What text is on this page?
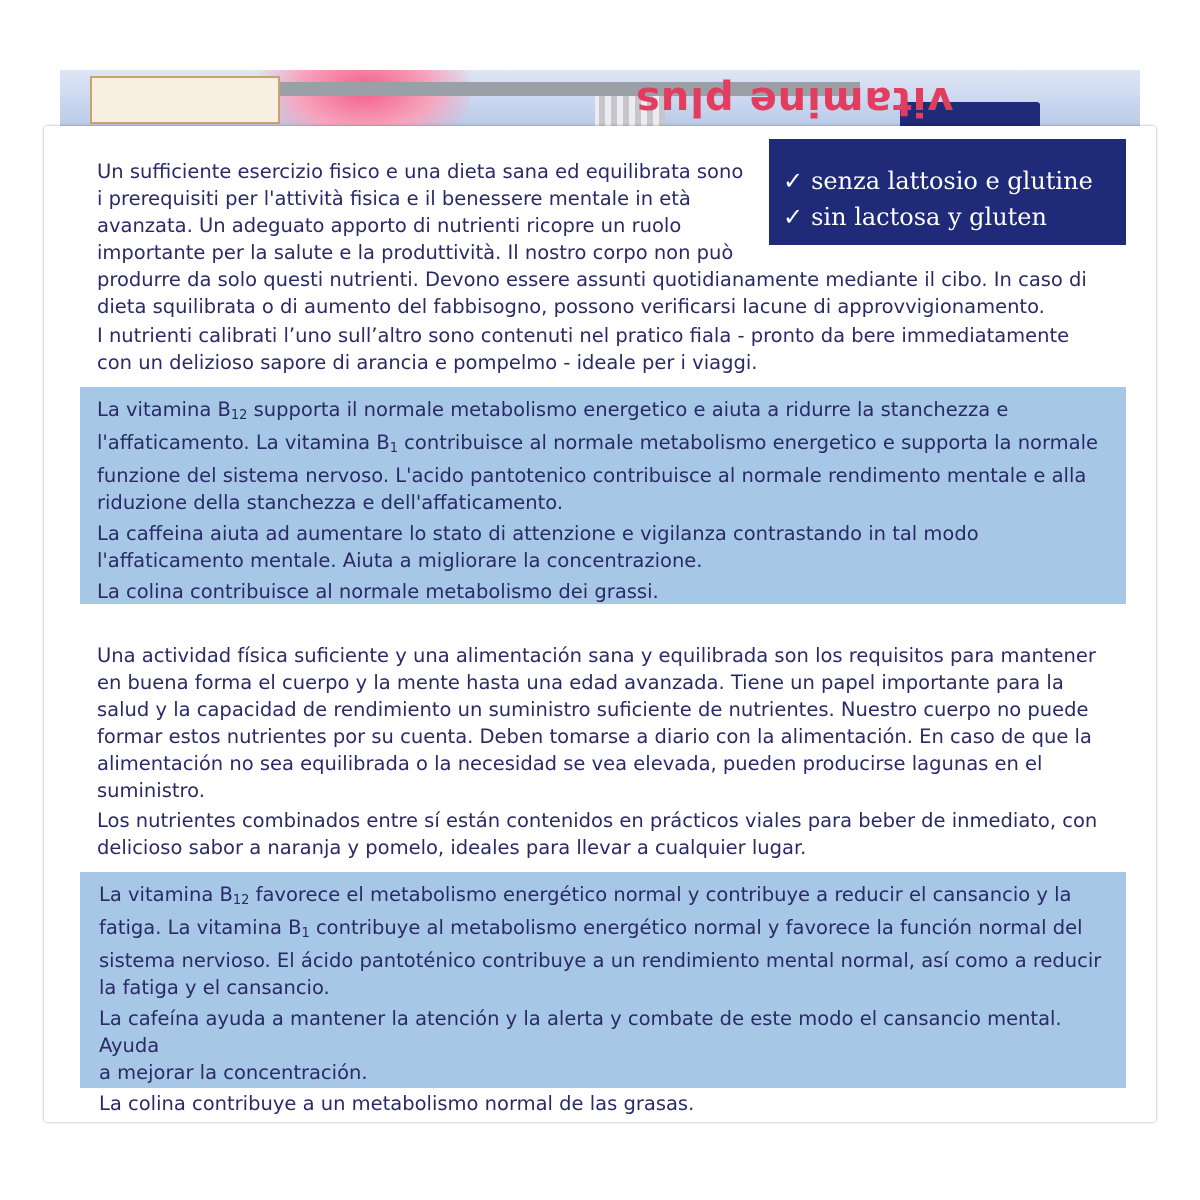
vitamine plus
✓ senza lattosio e glutine
✓ sin lactosa y gluten
Un sufficiente esercizio fisico e una dieta sana ed equilibrata sono
i prerequisiti per l'attività fisica e il benessere mentale in età
avanzata. Un adeguato apporto di nutrienti ricopre un ruolo
importante per la salute e la produttività. Il nostro corpo non può
produrre da solo questi nutrienti. Devono essere assunti quotidianamente mediante il cibo. In caso di
dieta squilibrata o di aumento del fabbisogno, possono verificarsi lacune di approvvigionamento.
I nutrienti calibrati l’uno sull’altro sono contenuti nel pratico fiala - pronto da bere immediatamente
con un delizioso sapore di arancia e pompelmo - ideale per i viaggi.
La vitamina $B_{12}$ supporta il normale metabolismo energetico e aiuta a ridurre la stanchezza e
l'affaticamento. La vitamina $B_1$ contribuisce al normale metabolismo energetico e supporta la normale
funzione del sistema nervoso. L'acido pantotenico contribuisce al normale rendimento mentale e alla
riduzione della stanchezza e dell'affaticamento.
La caffeina aiuta ad aumentare lo stato di attenzione e vigilanza contrastando in tal modo
l'affaticamento mentale. Aiuta a migliorare la concentrazione.
La colina contribuisce al normale metabolismo dei grassi.
Una actividad física suficiente y una alimentación sana y equilibrada son los requisitos para mantener
en buena forma el cuerpo y la mente hasta una edad avanzada. Tiene un papel importante para la
salud y la capacidad de rendimiento un suministro suficiente de nutrientes. Nuestro cuerpo no puede
formar estos nutrientes por su cuenta. Deben tomarse a diario con la alimentación. En caso de que la
alimentación no sea equilibrada o la necesidad se vea elevada, pueden producirse lagunas en el
suministro.
Los nutrientes combinados entre sí están contenidos en prácticos viales para beber de inmediato, con
delicioso sabor a naranja y pomelo, ideales para llevar a cualquier lugar.
La vitamina $B_{12}$ favorece el metabolismo energético normal y contribuye a reducir el cansancio y la
fatiga. La vitamina $B_1$ contribuye al metabolismo energético normal y favorece la función normal del
sistema nervioso. El ácido pantoténico contribuye a un rendimiento mental normal, así como a reducir
la fatiga y el cansancio.
La cafeína ayuda a mantener la atención y la alerta y combate de este modo el cansancio mental. Ayuda
a mejorar la concentración.
La colina contribuye a un metabolismo normal de las grasas.
